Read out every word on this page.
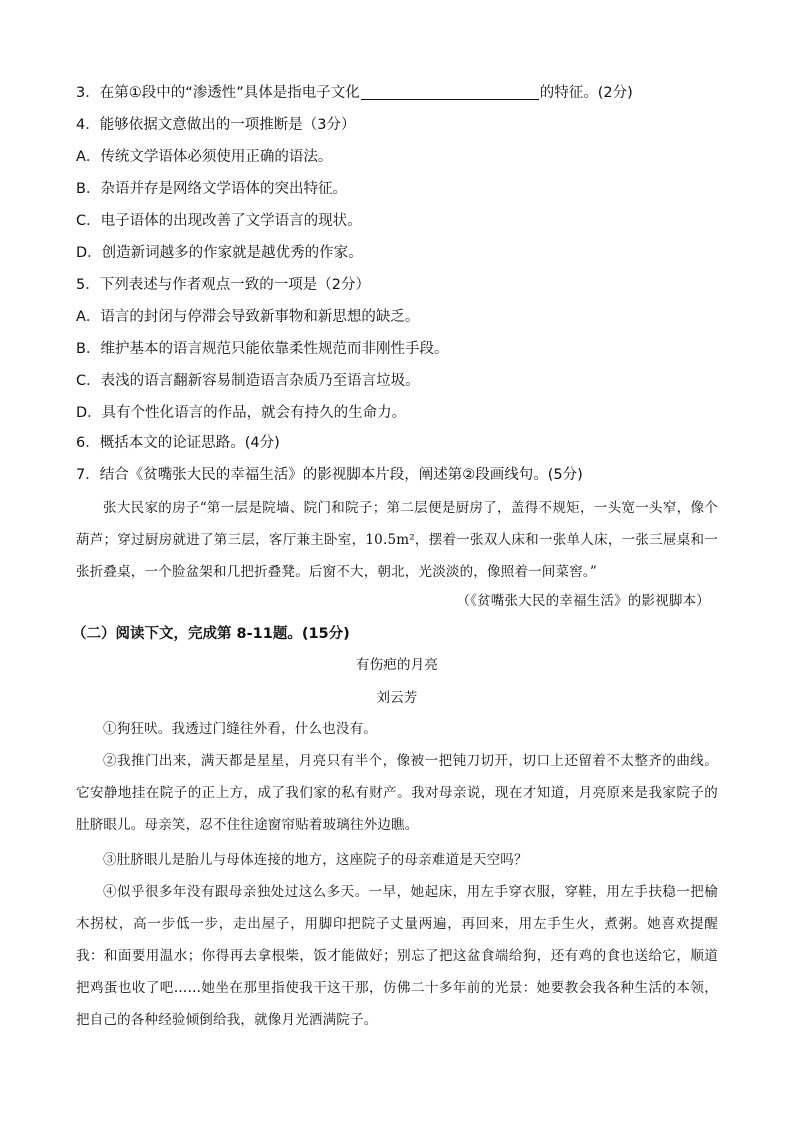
3．在第①段中的“渗透性”具体是指电子文化	的特征。(2分)
4．能够依据文意做出的一项推断是（3分）
A．传统文学语体必须使用正确的语法。
B．杂语并存是网络文学语体的突出特征。
C．电子语体的出现改善了文学语言的现状。
D．创造新词越多的作家就是越优秀的作家。
5．下列表述与作者观点一致的一项是（2分）
A．语言的封闭与停滞会导致新事物和新思想的缺乏。
B．维护基本的语言规范只能依靠柔性规范而非刚性手段。
C．表浅的语言翻新容易制造语言杂质乃至语言垃圾。
D．具有个性化语言的作品，就会有持久的生命力。
6．概括本文的论证思路。(4分)
7．结合《贫嘴张大民的幸福生活》的影视脚本片段，阐述第②段画线句。(5分)
张大民家的房子“第一层是院墙、院门和院子；第二层便是厨房了，盖得不规矩，一头宽一头窄，像个葫芦；穿过厨房就进了第三层，客厅兼主卧室，10.5m²，摆着一张双人床和一张单人床，一张三屉桌和一张折叠桌，一个脸盆架和几把折叠凳。后窗不大，朝北，光淡淡的，像照着一间菜窖。”
（《贫嘴张大民的幸福生活》的影视脚本）
（二）阅读下文，完成第 8-11题。(15分)
有伤疤的月亮
刘云芳
①狗狂吠。我透过门缝往外看，什么也没有。
②我推门出来，满天都是星星，月亮只有半个，像被一把钝刀切开，切口上还留着不太整齐的曲线。它安静地挂在院子的正上方，成了我们家的私有财产。我对母亲说，现在才知道，月亮原来是我家院子的肚脐眼儿。母亲笑，忍不住往途窗帘贴着玻璃往外边瞧。
③肚脐眼儿是胎儿与母体连接的地方，这座院子的母亲难道是天空吗？
④似乎很多年没有跟母亲独处过这么多天。一早，她起床，用左手穿衣服，穿鞋，用左手扶稳一把榆木拐杖，高一步低一步，走出屋子，用脚印把院子丈量两遍，再回来，用左手生火，煮粥。她喜欢提醒我：和面要用温水；你得再去拿根柴，饭才能做好；别忘了把这盆食端给狗，还有鸡的食也送给它，顺道把鸡蛋也收了吧……她坐在那里指使我干这干那，仿佛二十多年前的光景：她要教会我各种生活的本领，把自己的各种经验倾倒给我，就像月光洒满院子。
